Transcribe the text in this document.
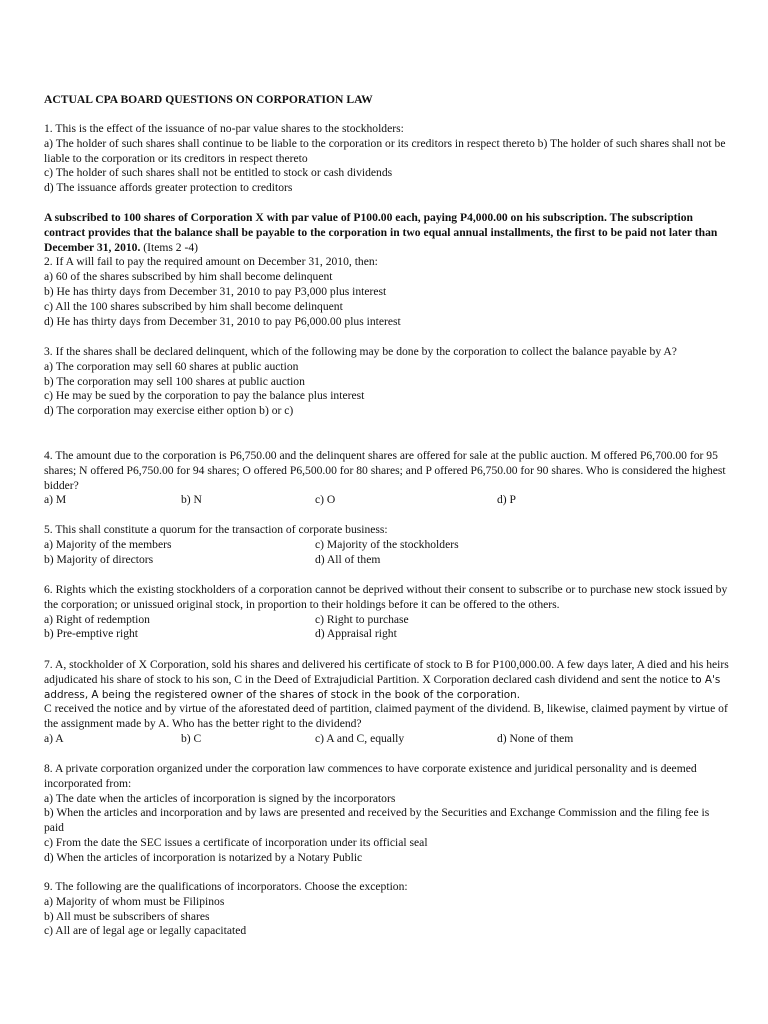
ACTUAL CPA BOARD QUESTIONS ON CORPORATION LAW

1. This is the effect of the issuance of no-par value shares to the stockholders:

a) The holder of such shares shall continue to be liable to the corporation or its creditors in respect thereto b) The holder of such shares shall not be liable to the corporation or its creditors in respect thereto

c) The holder of such shares shall not be entitled to stock or cash dividends

d) The issuance affords greater protection to creditors

A subscribed to 100 shares of Corporation X with par value of P100.00 each, paying P4,000.00 on his subscription. The subscription contract provides that the balance shall be payable to the corporation in two equal annual installments, the first to be paid not later than December 31, 2010. (Items 2 -4)

2. If A will fail to pay the required amount on December 31, 2010, then:

a) 60 of the shares subscribed by him shall become delinquent

b) He has thirty days from December 31, 2010 to pay P3,000 plus interest

c) All the 100 shares subscribed by him shall become delinquent

d) He has thirty days from December 31, 2010 to pay P6,000.00 plus interest

3. If the shares shall be declared delinquent, which of the following may be done by the corporation to collect the balance payable by A?

a) The corporation may sell 60 shares at public auction

b) The corporation may sell 100 shares at public auction

c) He may be sued by the corporation to pay the balance plus interest

d) The corporation may exercise either option b) or c)

4. The amount due to the corporation is P6,750.00 and the delinquent shares are offered for sale at the public auction. M offered P6,700.00 for 95 shares; N offered P6,750.00 for 94 shares; O offered P6,500.00 for 80 shares; and P offered P6,750.00 for 90 shares. Who is considered the highest bidder?

a) M	b) N	c) O	d) P

5. This shall constitute a quorum for the transaction of corporate business:

a) Majority of the members	c) Majority of the stockholders
b) Majority of directors	d) All of them

6. Rights which the existing stockholders of a corporation cannot be deprived without their consent to subscribe or to purchase new stock issued by the corporation; or unissued original stock, in proportion to their holdings before it can be offered to the others.

a) Right of redemption	c) Right to purchase
b) Pre-emptive right	d) Appraisal right

7. A, stockholder of X Corporation, sold his shares and delivered his certificate of stock to B for P100,000.00. A few days later, A died and his heirs adjudicated his share of stock to his son, C in the Deed of Extrajudicial Partition. X Corporation declared cash dividend and sent the notice to A's address, A being the registered owner of the shares of stock in the book of the corporation.

C received the notice and by virtue of the aforestated deed of partition, claimed payment of the dividend. B, likewise, claimed payment by virtue of the assignment made by A. Who has the better right to the dividend?

a) A	b) C	c) A and C, equally	d) None of them

8. A private corporation organized under the corporation law commences to have corporate existence and juridical personality and is deemed incorporated from:

a) The date when the articles of incorporation is signed by the incorporators

b) When the articles and incorporation and by laws are presented and received by the Securities and Exchange Commission and the filing fee is paid

c) From the date the SEC issues a certificate of incorporation under its official seal

d) When the articles of incorporation is notarized by a Notary Public

9. The following are the qualifications of incorporators. Choose the exception:

a) Majority of whom must be Filipinos

b) All must be subscribers of shares

c) All are of legal age or legally capacitated
